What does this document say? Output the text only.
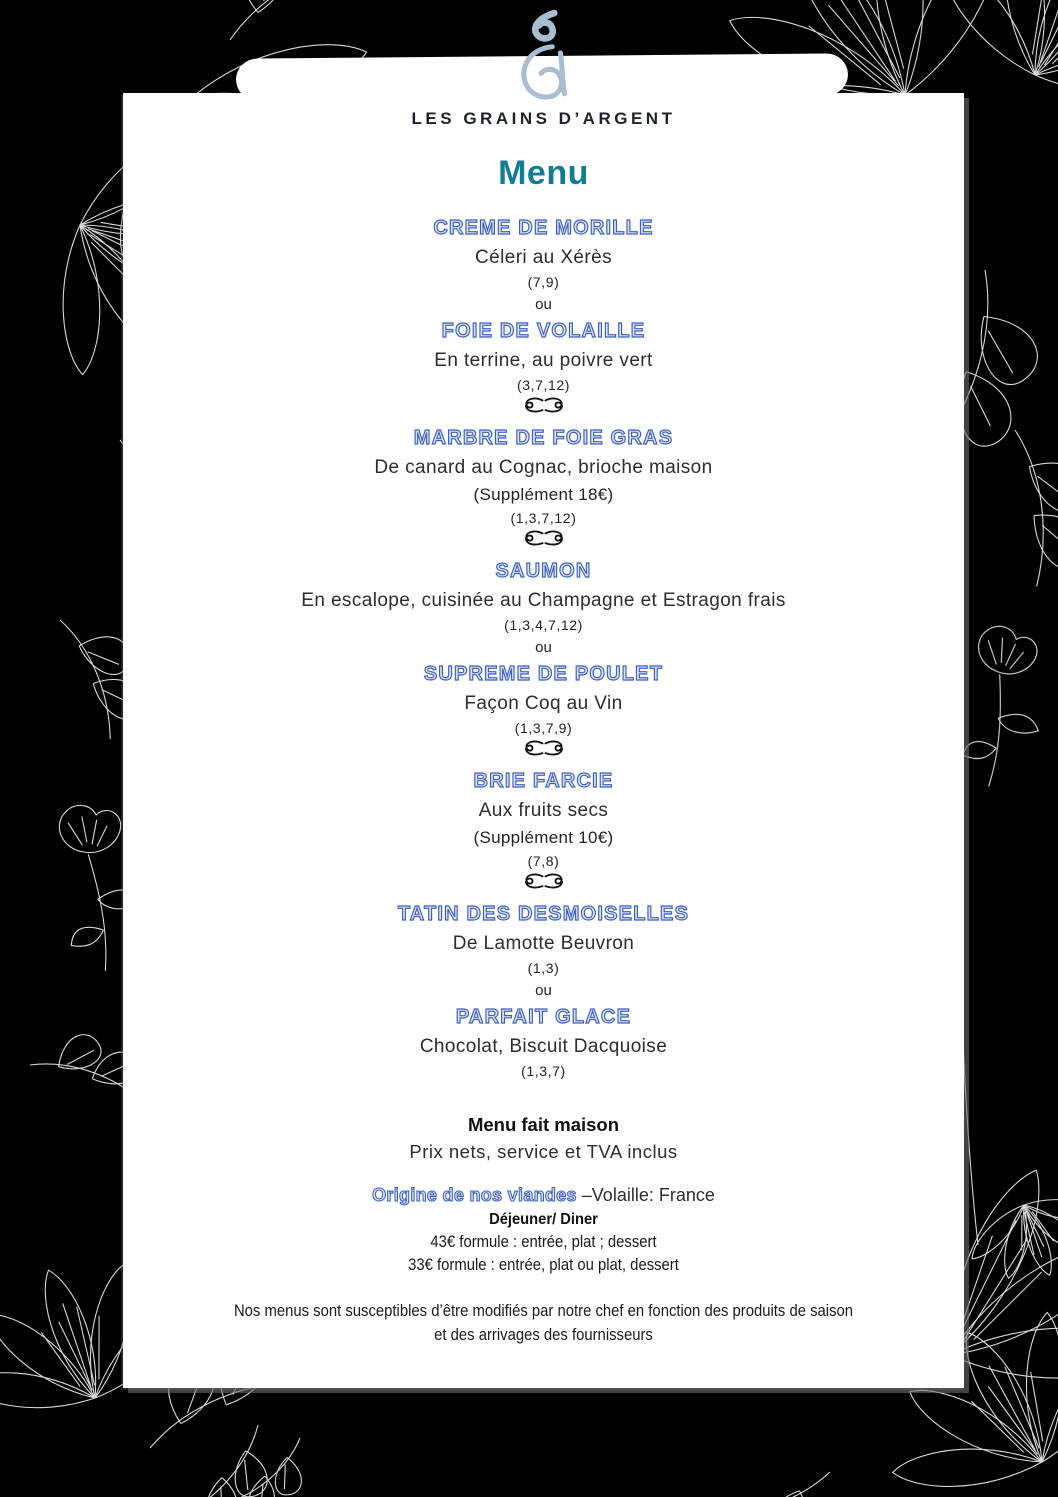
LES GRAINS D’ARGENT
Menu
CREME DE MORILLE
Céleri au Xérès
(7,9)
ou
FOIE DE VOLAILLE
En terrine, au poivre vert
(3,7,12)
MARBRE DE FOIE GRAS
De canard au Cognac, brioche maison
(Supplément 18€)
(1,3,7,12)
SAUMON
En escalope, cuisinée au Champagne et Estragon frais
(1,3,4,7,12)
ou
SUPREME DE POULET
Façon Coq au Vin
(1,3,7,9)
BRIE FARCIE
Aux fruits secs
(Supplément 10€)
(7,8)
TATIN DES DESMOISELLES
De Lamotte Beuvron
(1,3)
ou
PARFAIT GLACE
Chocolat, Biscuit Dacquoise
(1,3,7)
Menu fait maison
Prix nets, service et TVA inclus
Origine de nos viandes –Volaille: France
Déjeuner/ Diner
43€ formule : entrée, plat ; dessert
33€ formule : entrée, plat ou plat, dessert
Nos menus sont susceptibles d’être modifiés par notre chef en fonction des produits de saison
et des arrivages des fournisseurs
